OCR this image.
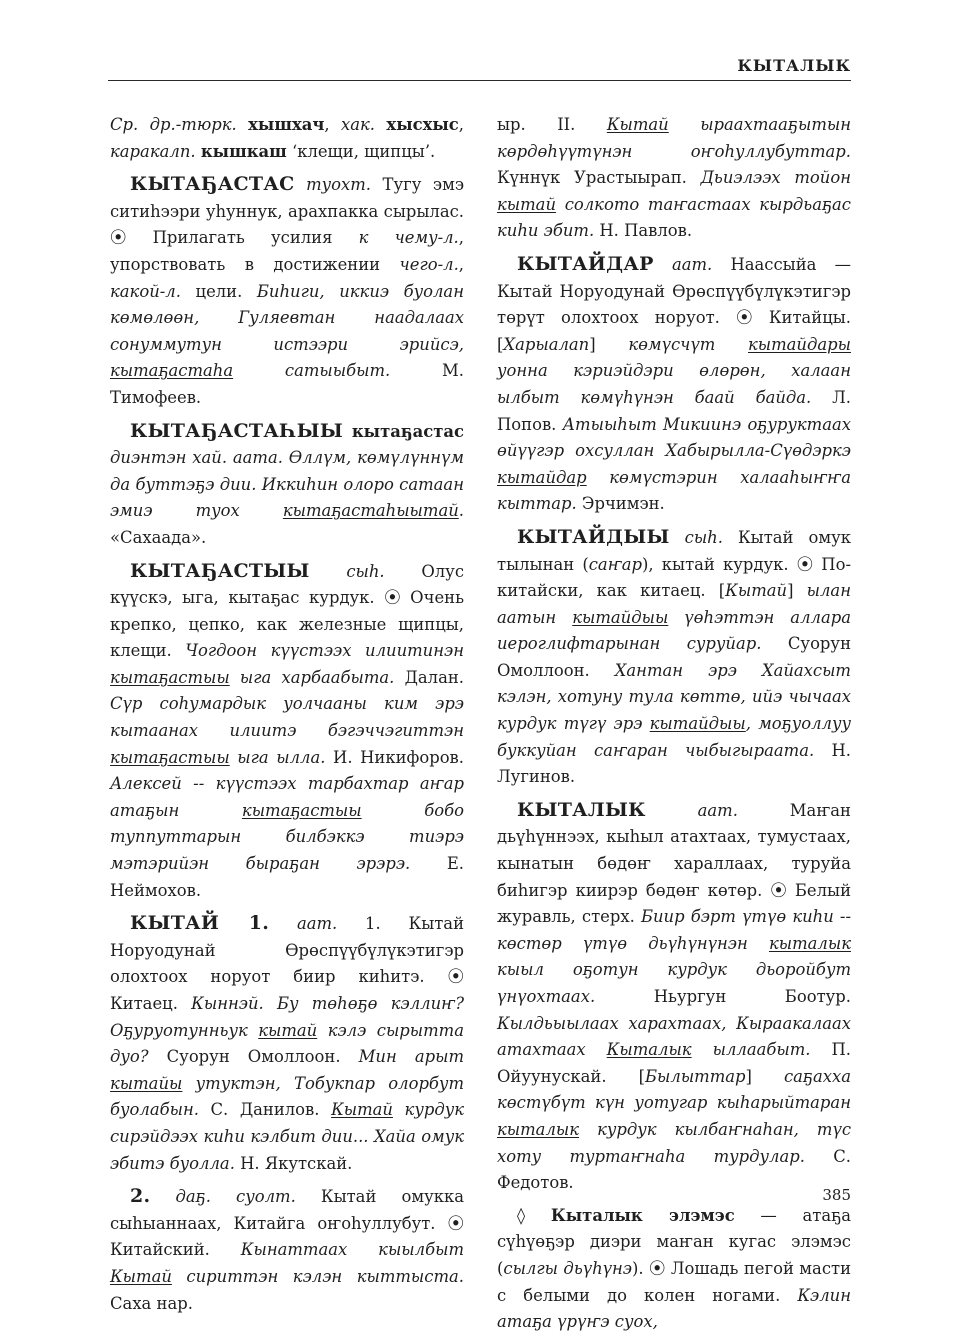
КЫТАЛЫК

Ср. др.-тюрк. хышхач, хак. хысхыс, каракалп. кышкаш ‘клещи, щипцы’.

КЫТАҔАСТАС туохт. Тугу эмэ ситиһээри уһуннук, арахпакка сырылас. ⦿ Прилагать усилия к чему-л., упорствовать в достижении чего-л., какой-л. цели. Биһиги, иккиэ буолан көмөлөөн, Гуляевтан наадалаах сонуммутун истээри эрийсэ, кытаҕастаһа сатыыбыт. М. Тимофеев.

КЫТАҔАСТАҺЫЫ кытаҕастас диэнтэн хай. аата. Өллүм, көмүлүннүм да буттэҕэ дии. Иккиһин олоро сатаан эмиэ туох кытаҕастаһыытай. «Сахаада».

КЫТАҔАСТЫЫ сыһ. Олус күүскэ, ыга, кытаҕас курдук. ⦿ Очень крепко, цепко, как железные щипцы, клещи. Чогдоон күүстээх илиитинэн кытаҕастыы ыга харбаабыта. Далан. Сүр соһумардык уолчааны ким эрэ кытаанах илиитэ бэгэччэгиттэн кытаҕастыы ыга ылла. И. Никифоров. Алексей -- күүстээх тарбахтар аҥар атаҕын кытаҕастыы бобо туппуттарын билбэккэ тиэрэ мэтэрийэн быраҕан эрэрэ. Е. Неймохов.

КЫТАЙ 1. аат. 1. Кытай Норуодунай Өрөспүүбүлүкэтигэр олохтоох норуот биир киһитэ. ⦿ Китаец. Кыннэй. Бу төһөҕө кэллиҥ? Оҕуруотунньук кытай кэлэ сырытта дуо? Суорун Омоллоон. Мин арыт кытайы утуктэн, Тобукпар олорбут буолабын. С. Данилов. Кытай курдук сирэйдээх киһи кэлбит дии... Хайа омук эбитэ буолла. Н. Якутскай.

2. даҕ. суолт. Кытай омукка сыһыаннаах, Китайга оҥоһуллубут. ⦿ Китайский. Кынаттаах кыылбыт Кытай сириттэн кэлэн кыттыста. Саха нар.

ыр. II. Кытай ыраахтааҕытын көрдөһүүтүнэн оҥоһуллубуттар. Күннүк Урастыырап. Дьиэлээх тойон кытай солкото таҥастаах кырдьаҕас киһи эбит. Н. Павлов.

КЫТАЙДАР аат. Наассыйа — Кытай Норуодунай Өрөспүүбүлүкэтигэр төрүт олохтоох норуот. ⦿ Китайцы. [Харыалап] көмүсчүт кытайдары уонна кэриэйдэри өлөрөн, халаан ылбыт көмүһүнэн баай байда. Л. Попов. Атыыһыт Микиинэ оҕуруктаах өйүүгэр охсуллан Хабырылла-Сүөдэркэ кытайдар көмүстэрин халааһыҥҥа кыттар. Эрчимэн.

КЫТАЙДЫЫ сыһ. Кытай омук тылынан (саҥар), кытай курдук. ⦿ По-китайски, как китаец. [Кытай] ылан аатын кытайдыы үөһэттэн аллара иероглифтарынан суруйар. Суорун Омоллоон. Хантан эрэ Хайахсыт кэлэн, хотуну тула көттө, ийэ чычаах курдук түгү эрэ кытайдыы, моҕуоллуу буккуйан саҥаран чыбыгыраата. Н. Лугинов.

КЫТАЛЫК аат. Маҥан дьүһүннээх, кыһыл атахтаах, тумустаах, кынатын бөдөҥ хараллаах, туруйа биһигэр киирэр бөдөҥ көтөр. ⦿ Белый журавль, стерх. Биир бэрт үтүө киһи -- көстөр үтүө дьүһүнүнэн кыталык кыыл оҕотун курдук дьоройбут үнүохтаах. Ньургун Боотур. Кылдьыылаах харахтаах, Кыраакалаах атахтаах Кыталык ыллаабыт. П. Ойуунускай. [Былыттар] саҕахха көстүбүт күн уотугар кыһарыйтаран кыталык курдук кылбаҥнаһан, түс хоту туртаҥнаһа турдулар. С. Федотов.

◊ Кыталык элэмэс — атаҕа сүһүөҕэр диэри маҥан кугас элэмэс (сылгы дьүһүнэ). ⦿ Лошадь пегой масти с белыми до колен ногами. Кэлин атаҕа үрүҥэ суох,

385
